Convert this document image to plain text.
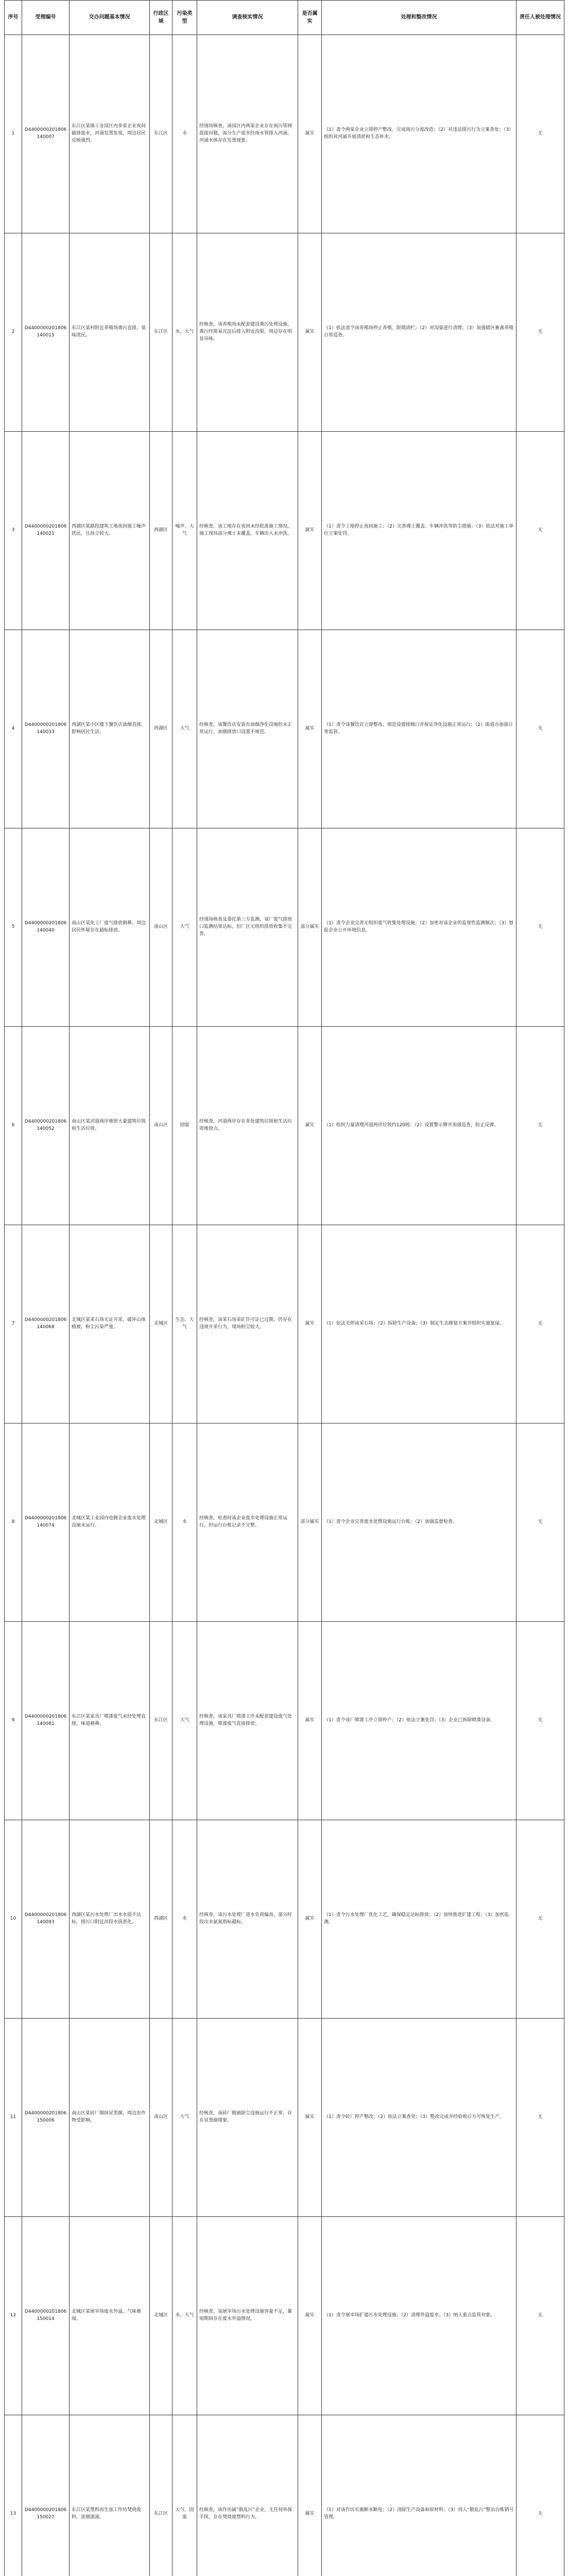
序号	受理编号	交办问题基本情况	行政区域	污染类型	调查核实情况	是否属实	处理和整改情况	责任人被处理情况
1	D4400000201806140007	东江区某镇工业园区内多家企业夜间偷排废水，河涌发黑发臭，周边居民反映强烈。	东江区	水	经现场核查，该园区内两家企业存在雨污管网混接问题，部分生产废水经雨水管排入河涌，河涌水体存在发黑现象。	属实	（1）责令两家企业立即停产整改，完成雨污分流改造；（2）对违法排污行为立案查处；（3）组织对河涌开展清淤和生态补水。	无
2	D4400000201806140015	东江区某村附近养殖场粪污直排，臭味扰民。	东江区	水、大气	经核查，该养殖场未配套建设粪污处理设施，粪污经简易沉淀后排入附近沟渠，周边存在明显异味。	属实	（1）依法责令该养殖场停止养殖，限期清栏；（2）对沟渠进行清理；（3）加强辖区畜禽养殖日常巡查。	无
3	D4400000201806140021	西湖区某路段建筑工地夜间施工噪声扰民，且扬尘较大。	西湖区	噪声、大气	经核查，该工地存在夜间未经批准施工情况，施工现场部分裸土未覆盖，车辆出入未冲洗。	属实	（1）责令工地停止夜间施工；（2）完善裸土覆盖、车辆冲洗等防尘措施；（3）依法对施工单位立案处罚。	无
4	D4400000201806140033	西湖区某小区楼下餐饮店油烟直排，影响居民生活。	西湖区	大气	经核查，该餐饮店安装有油烟净化设施但未正常运行，油烟排放口设置不规范。	属实	（1）责令该餐饮店立即整改，规范设置排烟口并保证净化设施正常运行；（2）街道办加强日常监管。	无
5	D4400000201806140040	南山区某化工厂废气排放刺鼻，周边居民怀疑存在超标排放。	南山区	大气	经现场核查及委托第三方监测，该厂废气排放口监测结果达标，但厂区无组织排放收集不完善。	部分属实	（1）责令企业完善无组织废气收集处理设施；（2）加密对该企业的监督性监测频次；（3）督促企业公开环境信息。	无
6	D4400000201806140052	南山区某河道两岸堆放大量建筑垃圾和生活垃圾。	南山区	固废	经核查，河道两岸存在多处建筑垃圾和生活垃圾堆放点。	属实	（1）组织力量清理河道两岸垃圾约120吨；（2）设置警示牌并加强巡查，防止反弹。	无
7	D4400000201806140068	北城区某采石场无证开采，破坏山体植被，粉尘污染严重。	北城区	生态、大气	经核查，该采石场采矿许可证已过期，仍存在违规开采行为，现场粉尘较大。	属实	（1）依法关停该采石场；（2）拆除生产设备；（3）制定生态修复方案并组织实施复绿。	无
8	D4400000201806140074	北城区某工业园内电镀企业废水处理设施未运行。	北城区	水	经核查，检查时该企业废水处理设施正常运行，但运行台账记录不完整。	部分属实	（1）责令企业完善废水处理设施运行台账；（2）加强监督检查。	无
9	D4400000201806140081	东江区某家具厂喷漆废气未经处理直排，味道刺鼻。	东江区	大气	经核查，该家具厂喷漆工序未配套建设废气处理设施，喷漆废气直接排放。	属实	（1）责令该厂喷漆工序立即停产；（2）依法立案处罚；（3）企业已拆除喷漆设备。	无
10	D4400000201806140093	西湖区某污水处理厂出水水质不达标，排污口附近河段水质恶化。	西湖区	水	经核查，该污水处理厂进水负荷偏高，部分时段出水氨氮指标超标。	属实	（1）责令污水处理厂优化工艺，确保稳定达标排放；（2）加快推进扩建工程；（3）加密监测。	无
11	D4400000201806150006	南山区某砖厂烟囱冒黑烟，周边农作物受影响。	南山区	大气	经核查，该砖厂脱硫除尘设施运行不正常，存在冒黑烟现象。	属实	（1）责令砖厂停产整改；（2）依法立案查处；（3）整改完成并经验收后方可恢复生产。	无
12	D4400000201806150014	北城区某屠宰场废水外溢，气味难闻。	北城区	水、大气	经核查，该屠宰场污水处理设施容量不足，暴雨期间存在废水外溢情况。	属实	（1）责令屠宰场扩建污水处理设施；（2）清理外溢废水；（3）纳入重点监管对象。	无
13	D4400000201806150027	东江区某塑料再生加工作坊焚烧废料，浓烟滚滚。	东江区	大气、固废	经核查，该作坊属“散乱污”企业，无任何环保手续，存在焚烧废塑料行为。	属实	（1）对该作坊实施断水断电；（2）清除生产设备和原材料；（3）列入“散乱污”整治台账销号管理。	无
